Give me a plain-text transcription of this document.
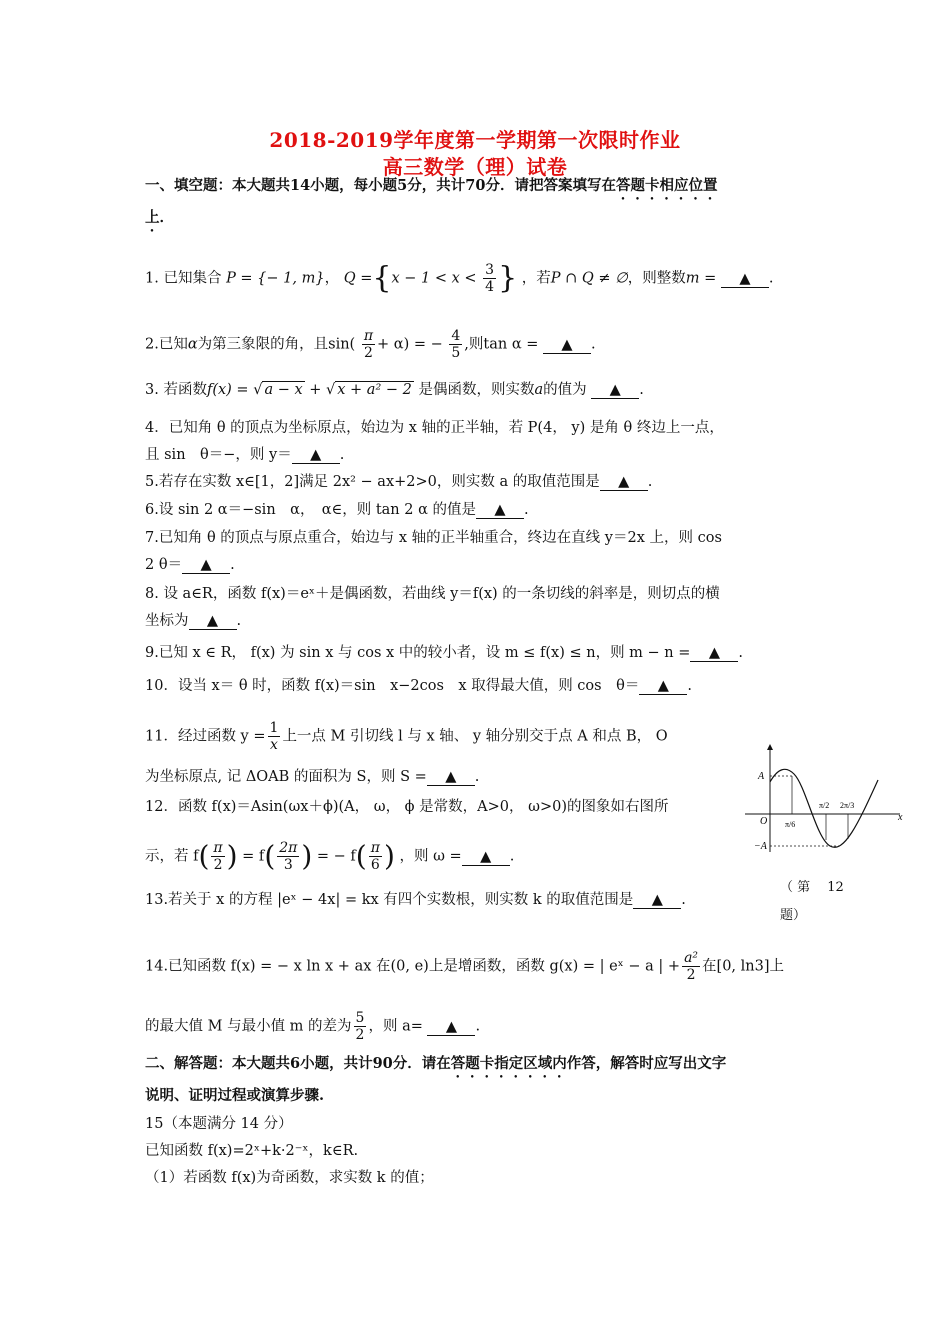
2018-2019学年度第一学期第一次限时作业
高三数学（理）试卷
一、填空题：本大题共14小题，每小题5分，共计70分．请把答案填写在答题卡相应位置
上．
1. 已知集合 P = {− 1, m}， $Q =\{x - 1 < x < \frac{3}{4}$ } ，若P ∩ Q ≠ ∅，则整数m = ▲ .
2.已知α为第三象限的角，且$\sin( \frac{\pi}{2} + \alpha)$ = − $\frac{4}{5}$ ,则tan α = ▲ .
3. 若函数f(x) = √ a − x + √ x + a² − 2 是偶函数，则实数a的值为 ▲ .
4．已知角 θ 的顶点为坐标原点，始边为 x 轴的正半轴，若 P(4， y) 是角 θ 终边上一点，
且 sin　θ＝−，则 y＝ ▲ .
5.若存在实数 x∈[1，2]满足 2x² − ax+2>0，则实数 a 的取值范围是 ▲ .
6.设 sin 2 α＝−sin　α，　α∈，则 tan 2 α 的值是 ▲ .
7.已知角 θ 的顶点与原点重合，始边与 x 轴的正半轴重合，终边在直线 y＝2x 上，则 cos
2 θ＝ ▲ .
8. 设 a∈R，函数 f(x)＝eˣ＋是偶函数，若曲线 y＝f(x) 的一条切线的斜率是，则切点的横
坐标为 ▲ .
9.已知 x ∈ R， f(x) 为 sin x 与 cos x 中的较小者，设 m ≤ f(x) ≤ n，则 m − n = ▲ .
10．设当 x＝ θ 时，函数 f(x)＝sin　x−2cos　x 取得最大值，则 cos　θ＝ ▲ .
11．经过函数 $y = \frac{1}{x}$ 上一点 M 引切线 l 与 x 轴、 y 轴分别交于点 A 和点 B， O
为坐标原点, 记 ΔOAB 的面积为 S，则 S = ▲ .
12．函数 f(x)＝Asin(ωx＋ϕ)(A， ω， ϕ 是常数，A>0， ω>0)的图象如右图所
示，若 $f( \frac{\pi}{2}$ ) = $f( \frac{2\pi}{3}$ ) = − $f( \frac{\pi}{6}$ ) ，则 ω = ▲ .
A
−A
O	x
π/6
π/2 2π/3
（ 第 　12
题）
13.若关于 x 的方程 |eˣ − 4x| = kx 有四个实数根，则实数 k 的取值范围是 ▲ .
14.已知函数 f(x) = − x ln x + ax 在(0, e)上是增函数，函数 g(x) = | eˣ − a | + $\frac{\text{a²}}{2}$ 在[0, ln3]上
的最大值 M 与最小值 m 的差为 $\frac{5}{2}$ ，则 a= ▲ .
二、解答题：本大题共6小题，共计90分．请在答题卡指定区域内作答，解答时应写出文字
说明、证明过程或演算步骤.
15（本题满分 14 分）
已知函数 f(x)=2ˣ+k·2⁻ˣ，k∈R.
（1）若函数 f(x)为奇函数，求实数 k 的值；
